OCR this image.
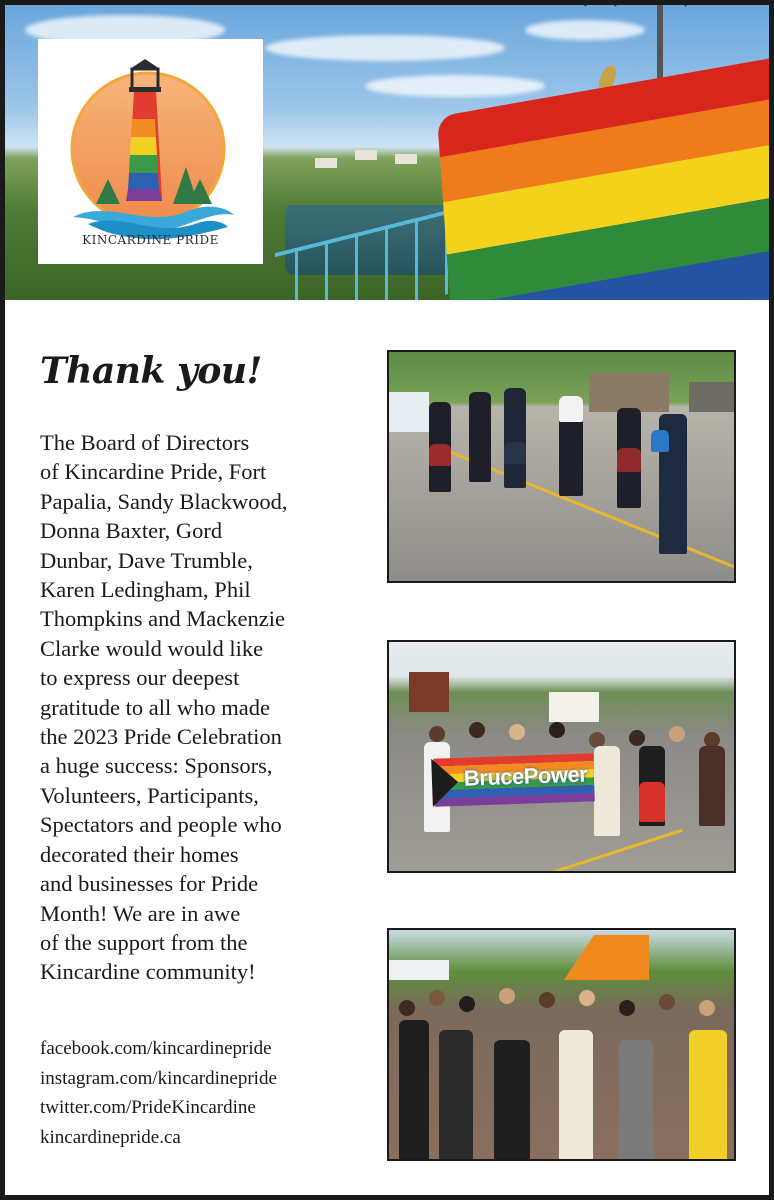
KINCARDINE PRIDE
Thank you!
The Board of Directors
of Kincardine Pride, Fort
Papalia, Sandy Blackwood,
Donna Baxter, Gord
Dunbar, Dave Trumble,
Karen Ledingham, Phil
Thompkins and Mackenzie
Clarke would would like
to express our deepest
gratitude to all who made
the 2023 Pride Celebration
a huge success: Sponsors,
Volunteers, Participants,
Spectators and people who
decorated their homes
and businesses for Pride
Month! We are in awe
of the support from the
Kincardine community!
facebook.com/kincardinepride
instagram.com/kincardinepride
twitter.com/PrideKincardine
kincardinepride.ca
BrucePower
